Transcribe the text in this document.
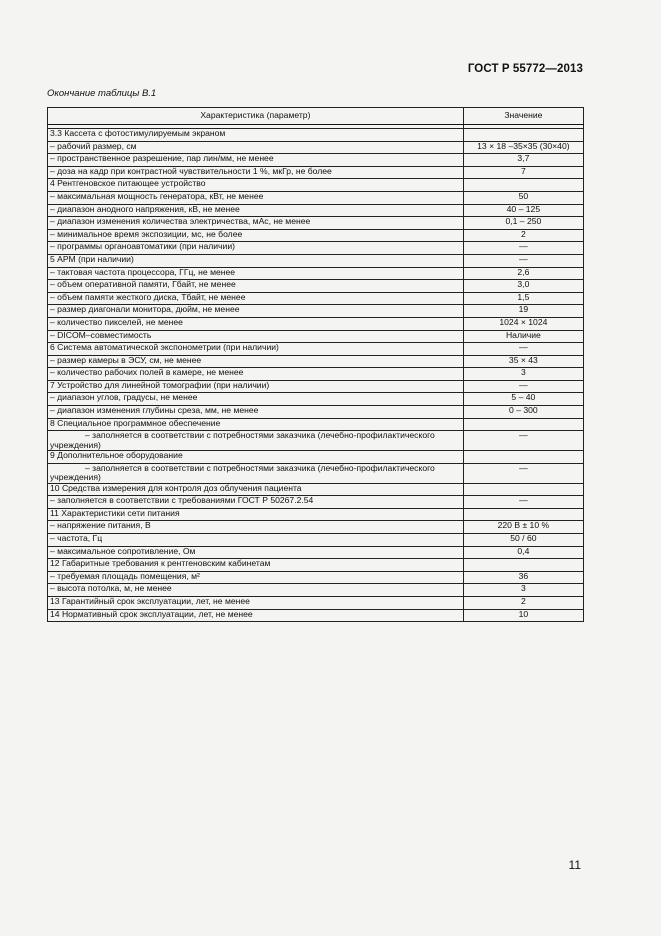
ГОСТ Р 55772—2013
Окончание таблицы В.1
Характеристика (параметр)	Значение

3.3 Кассета с фотостимулируемым экраном	
– рабочий размер, см	13 × 18 –35×35 (30×40)
– пространственное разрешение, пар лин/мм, не менее	3,7
– доза на кадр при контрастной чувствительности 1 %, мкГр, не более	7
4 Рентгеновское питающее устройство	
– максимальная мощность генератора, кВт, не менее	50
– диапазон анодного напряжения, кВ, не менее	40 – 125
– диапазон изменения количества электричества, мАс, не менее	0,1 – 250
– минимальное время экспозиции, мс, не более	2
– программы органоавтоматики (при наличии)	—
5 АРМ (при наличии)	—
– тактовая частота процессора, ГГц, не менее	2,6
– объем оперативной памяти, Гбайт, не менее	3,0
– объем памяти жесткого диска, Тбайт, не менее	1,5
– размер диагонали монитора, дюйм, не менее	19
– количество пикселей, не менее	1024 × 1024
– DICOM–совместимость	Наличие
6 Система автоматической экспонометрии (при наличии)	—
– размер камеры в ЭСУ, см, не менее	35 × 43
– количество рабочих полей в камере, не менее	3
7 Устройство для линейной томографии (при наличии)	—
– диапазон углов, градусы, не менее	5 – 40
– диапазон изменения глубины среза, мм, не менее	0 – 300
8 Специальное программное обеспечение	
– заполняется в соответствии с потребностями заказчика (лечебно-профилактического учреждения)	—
9 Дополнительное оборудование	
– заполняется в соответствии с потребностями заказчика (лечебно-профилактического учреждения)	—
10 Средства измерения для контроля доз облучения пациента	
– заполняется в соответствии с требованиями ГОСТ Р 50267.2.54	—
11 Характеристики сети питания	
– напряжение питания, В	220 В ± 10 %
– частота, Гц	50 / 60
– максимальное сопротивление, Ом	0,4
12 Габаритные требования к рентгеновским кабинетам	
– требуемая площадь помещения, м²	36
– высота потолка, м, не менее	3
13 Гарантийный срок эксплуатации, лет, не менее	2
14 Нормативный срок эксплуатации, лет, не менее	10
11
